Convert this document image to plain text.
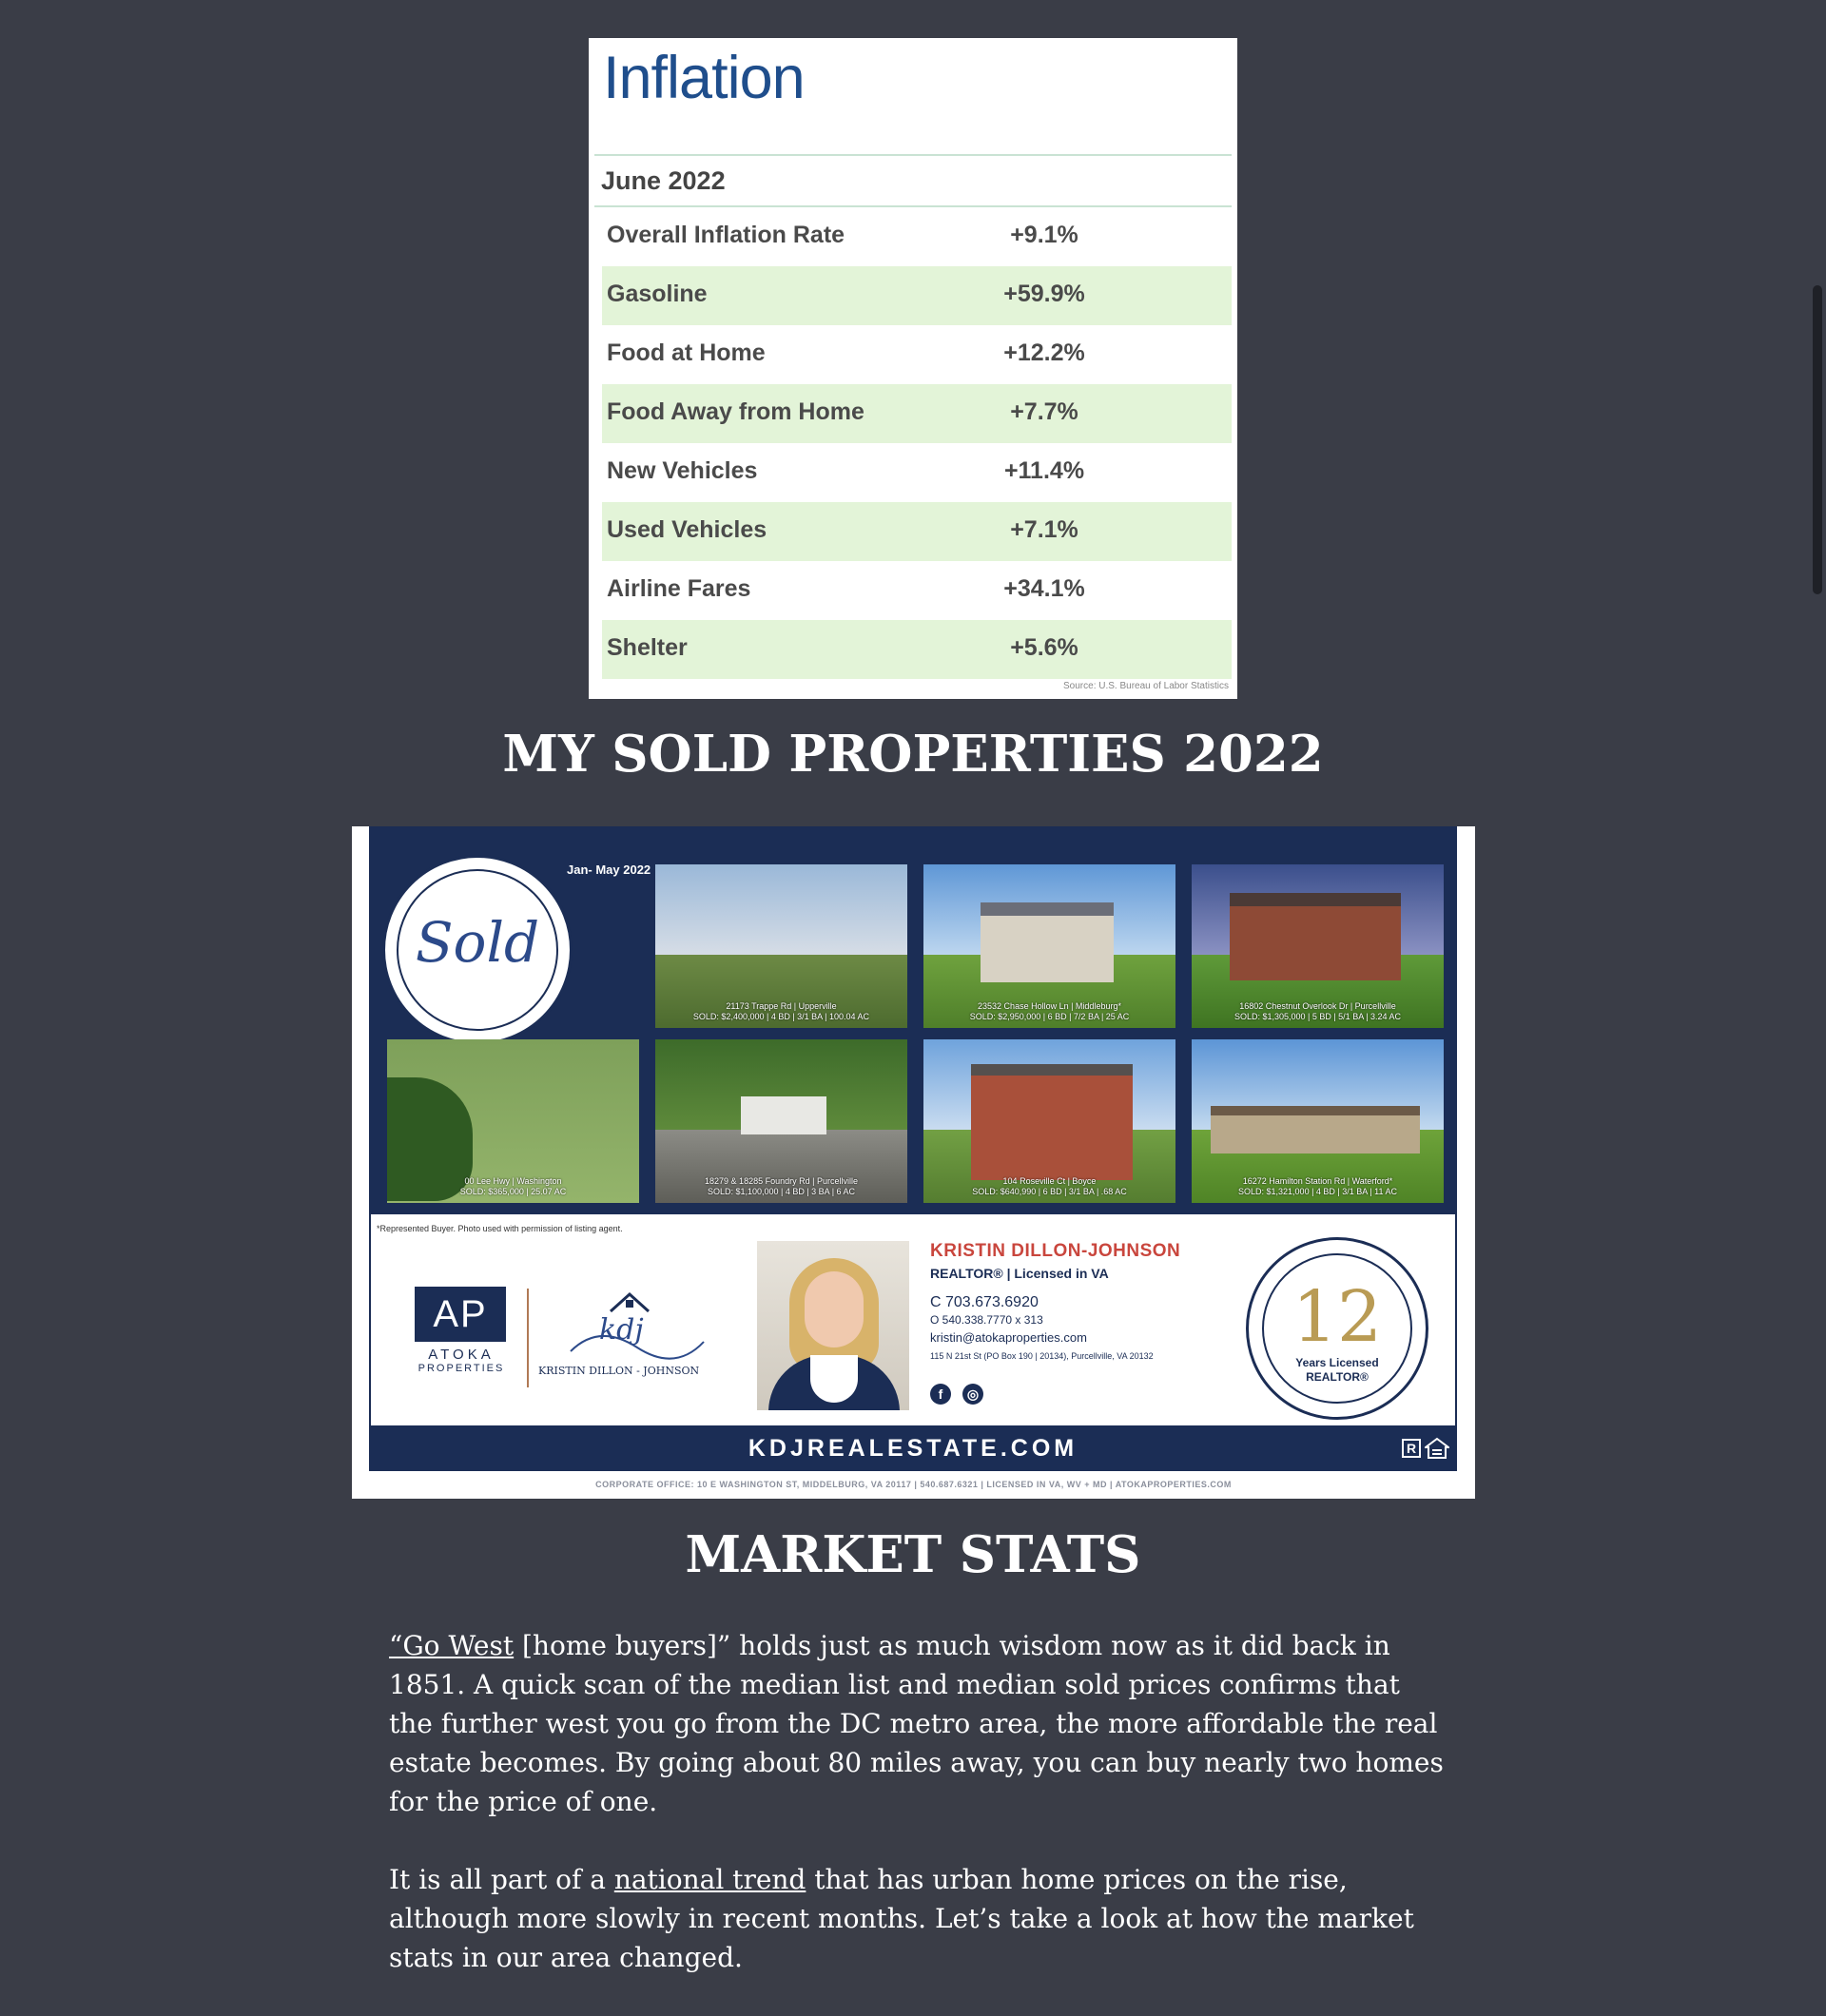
Inflation
June 2022
Overall Inflation Rate	+9.1%
Gasoline	+59.9%
Food at Home	+12.2%
Food Away from Home	+7.7%
New Vehicles	+11.4%
Used Vehicles	+7.1%
Airline Fares	+34.1%
Shelter	+5.6%
Source: U.S. Bureau of Labor Statistics
MY SOLD PROPERTIES 2022
Sold
Jan- May 2022
21173 Trappe Rd | Upperville
SOLD: $2,400,000 | 4 BD | 3/1 BA | 100.04 AC
23532 Chase Hollow Ln | Middleburg*
SOLD: $2,950,000 | 6 BD | 7/2 BA | 25 AC
16802 Chestnut Overlook Dr | Purcellville
SOLD: $1,305,000 | 5 BD | 5/1 BA | 3.24 AC
00 Lee Hwy | Washington
SOLD: $365,000 | 25.07 AC
18279 & 18285 Foundry Rd | Purcellville
SOLD: $1,100,000 | 4 BD | 3 BA | 6 AC
104 Roseville Ct | Boyce
SOLD: $640,990 | 6 BD | 3/1 BA | .68 AC
16272 Hamilton Station Rd | Waterford*
SOLD: $1,321,000 | 4 BD | 3/1 BA | 11 AC
*Represented Buyer. Photo used with permission of listing agent.
AP
ATOKA
PROPERTIES
kdj
KRISTIN DILLON - JOHNSON
KRISTIN DILLON-JOHNSON
REALTOR® | Licensed in VA
C 703.673.6920
O 540.338.7770 x 313
kristin@atokaproperties.com
115 N 21st St (PO Box 190 | 20134), Purcellville, VA 20132
f	◎
12
Years Licensed
REALTOR®
KDJREALESTATE.COM	R
CORPORATE OFFICE: 10 E WASHINGTON ST, MIDDELBURG, VA 20117 | 540.687.6321 | LICENSED IN VA, WV + MD | ATOKAPROPERTIES.COM
MARKET STATS

“Go West [home buyers]” holds just as much wisdom now as it did back in 1851. A quick scan of the median list and median sold prices confirms that the further west you go from the DC metro area, the more affordable the real estate becomes. By going about 80 miles away, you can buy nearly two homes for the price of one.

It is all part of a national trend that has urban home prices on the rise, although more slowly in recent months. Let’s take a look at how the market stats in our area changed.
